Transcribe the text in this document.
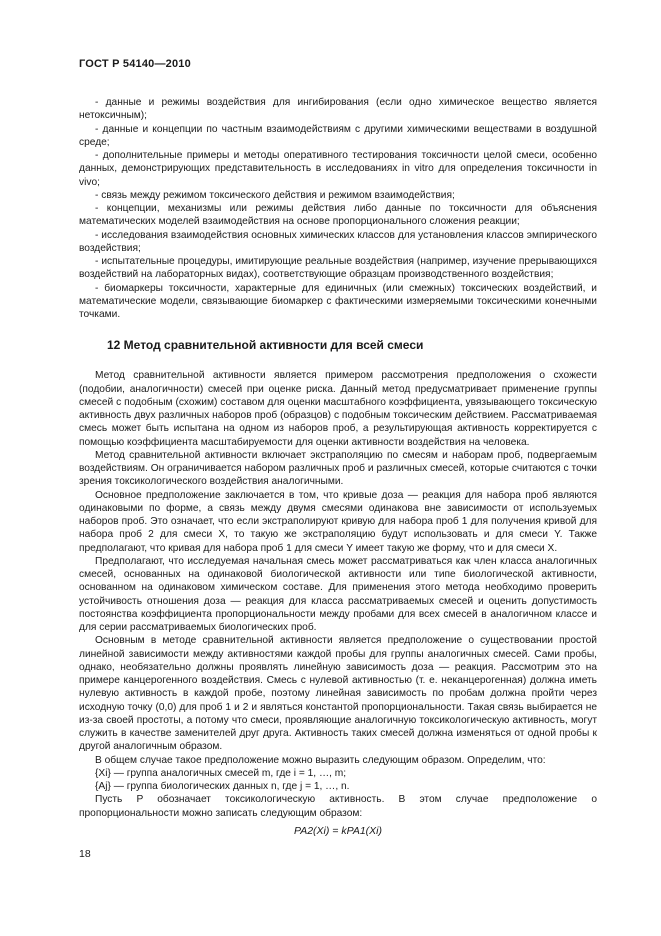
ГОСТ Р 54140—2010

- данные и режимы воздействия для ингибирования (если одно химическое вещество является нетоксичным);

- данные и концепции по частным взаимодействиям с другими химическими веществами в воздушной среде;

- дополнительные примеры и методы оперативного тестирования токсичности целой смеси, особенно данных, демонстрирующих представительность в исследованиях in vitro для определения токсичности in vivo;

- связь между режимом токсического действия и режимом взаимодействия;

- концепции, механизмы или режимы действия либо данные по токсичности для объяснения математических моделей взаимодействия на основе пропорционального сложения реакции;

- исследования взаимодействия основных химических классов для установления классов эмпирического воздействия;

- испытательные процедуры, имитирующие реальные воздействия (например, изучение прерывающихся воздействий на лабораторных видах), соответствующие образцам производственного воздействия;

- биомаркеры токсичности, характерные для единичных (или смежных) токсических воздействий, и математические модели, связывающие биомаркер с фактическими измеряемыми токсическими конечными точками.

12 Метод сравнительной активности для всей смеси

Метод сравнительной активности является примером рассмотрения предположения о схожести (подобии, аналогичности) смесей при оценке риска. Данный метод предусматривает применение группы смесей с подобным (схожим) составом для оценки масштабного коэффициента, увязывающего токсическую активность двух различных наборов проб (образцов) с подобным токсическим действием. Рассматриваемая смесь может быть испытана на одном из наборов проб, а результирующая активность корректируется с помощью коэффициента масштабируемости для оценки активности воздействия на человека.

Метод сравнительной активности включает экстраполяцию по смесям и наборам проб, подвергаемым воздействиям. Он ограничивается набором различных проб и различных смесей, которые считаются с точки зрения токсикологического воздействия аналогичными.

Основное предположение заключается в том, что кривые доза — реакция для набора проб являются одинаковыми по форме, а связь между двумя смесями одинакова вне зависимости от используемых наборов проб. Это означает, что если экстраполируют кривую для набора проб 1 для получения кривой для набора проб 2 для смеси X, то такую же экстраполяцию будут использовать и для смеси Y. Также предполагают, что кривая для набора проб 1 для смеси Y имеет такую же форму, что и для смеси X.

Предполагают, что исследуемая начальная смесь может рассматриваться как член класса аналогичных смесей, основанных на одинаковой биологической активности или типе биологической активности, основанном на одинаковом химическом составе. Для применения этого метода необходимо проверить устойчивость отношения доза — реакция для класса рассматриваемых смесей и оценить допустимость постоянства коэффициента пропорциональности между пробами для всех смесей в аналогичном классе и для серии рассматриваемых биологических проб.

Основным в методе сравнительной активности является предположение о существовании простой линейной зависимости между активностями каждой пробы для группы аналогичных смесей. Сами пробы, однако, необязательно должны проявлять линейную зависимость доза — реакция. Рассмотрим это на примере канцерогенного воздействия. Смесь с нулевой активностью (т. е. неканцерогенная) должна иметь нулевую активность в каждой пробе, поэтому линейная зависимость по пробам должна пройти через исходную точку (0,0) для проб 1 и 2 и являться константой пропорциональности. Такая связь выбирается не из-за своей простоты, а потому что смеси, проявляющие аналогичную токсикологическую активность, могут служить в качестве заменителей друг друга. Активность таких смесей должна изменяться от одной пробы к другой аналогичным образом.

В общем случае такое предположение можно выразить следующим образом. Определим, что:

{Xi} — группа аналогичных смесей m, где i = 1, …, m;

{Aj} — группа биологических данных n, где j = 1, …, n.

Пусть P обозначает токсикологическую активность. В этом случае предположение о пропорциональности можно записать следующим образом:

PA2(Xi) = kPA1(Xi)
18
